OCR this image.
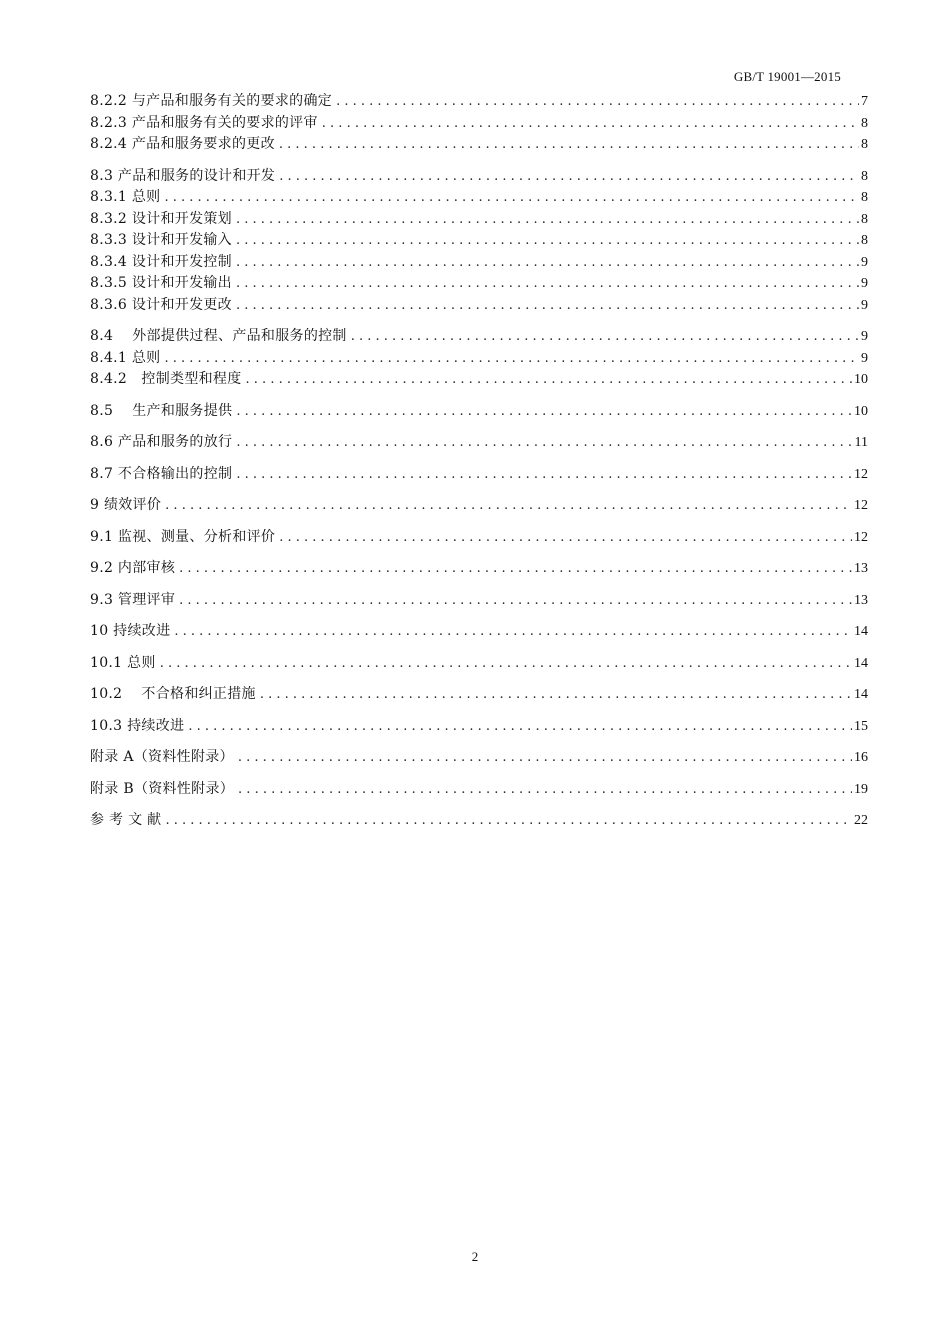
GB/T 19001—2015
8.2.2 与产品和服务有关的要求的确定 . . .	7
8.2.3 产品和服务有关的要求的评审 . . .	8
8.2.4 产品和服务要求的更改 . . .	8
8.3 产品和服务的设计和开发 . . .	8
8.3.1 总则 . . .	8
8.3.2 设计和开发策划 . . .	8
8.3.3 设计和开发输入 . . .	8
8.3.4 设计和开发控制 . . .	9
8.3.5 设计和开发输出 . . .	9
8.3.6 设计和开发更改 . . .	9
8.4　 外部提供过程、产品和服务的控制 . . .	9
8.4.1 总则 . . .	9
8.4.2　控制类型和程度 . . .	10
8.5　 生产和服务提供 . . .	10
8.6 产品和服务的放行 . . .	11
8.7 不合格输出的控制 . . .	12
9 绩效评价 . . .	12
9.1 监视、测量、分析和评价 . . .	12
9.2 内部审核 . . .	13
9.3 管理评审 . . .	13
10 持续改进 . . .	14
10.1 总则 . . .	14
10.2　 不合格和纠正措施 . . .	14
10.3 持续改进 . . .	15
附录 A（资料性附录） . . .	16
附录 B（资料性附录） . . .	19
参 考 文 献 . . .	22
2
